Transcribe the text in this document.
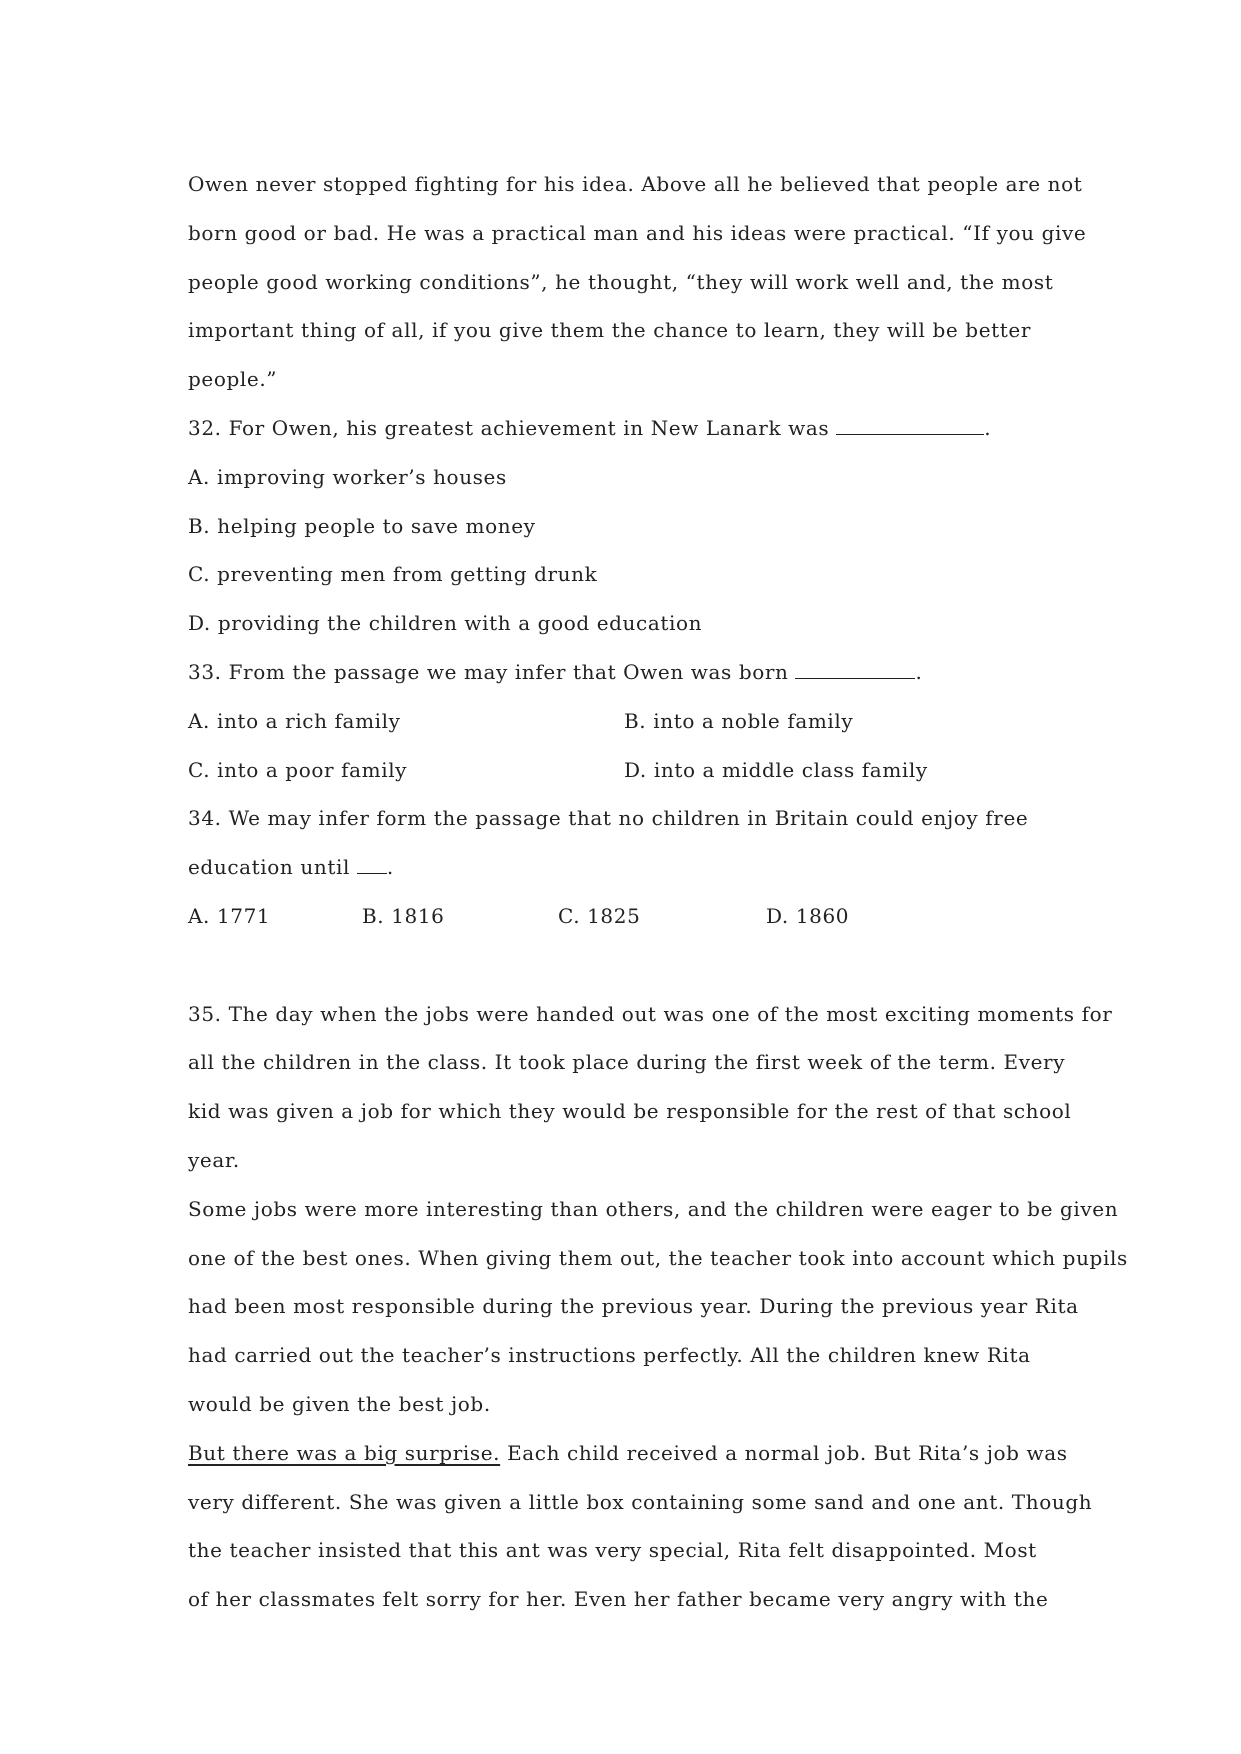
Owen never stopped fighting for his idea. Above all he believed that people are not
born good or bad. He was a practical man and his ideas were practical. “If you give
people good working conditions”, he thought, “they will work well and, the most
important thing of all, if you give them the chance to learn, they will be better
people.”
32. For Owen, his greatest achievement in New Lanark was	.
A. improving worker’s houses
B. helping people to save money
C. preventing men from getting drunk
D. providing the children with a good education
33. From the passage we may infer that Owen was born	.
A. into a rich family	B. into a noble family
C. into a poor family	D. into a middle class family
34. We may infer form the passage that no children in Britain could enjoy free
education until .
A. 1771	B. 1816	C. 1825	D. 1860
35. The day when the jobs were handed out was one of the most exciting moments for
all the children in the class. It took place during the first week of the term. Every
kid was given a job for which they would be responsible for the rest of that school
year.
Some jobs were more interesting than others, and the children were eager to be given
one of the best ones. When giving them out, the teacher took into account which pupils
had been most responsible during the previous year. During the previous year Rita
had carried out the teacher’s instructions perfectly. All the children knew Rita
would be given the best job.
But there was a big surprise. Each child received a normal job. But Rita’s job was
very different. She was given a little box containing some sand and one ant. Though
the teacher insisted that this ant was very special, Rita felt disappointed. Most
of her classmates felt sorry for her. Even her father became very angry with the
